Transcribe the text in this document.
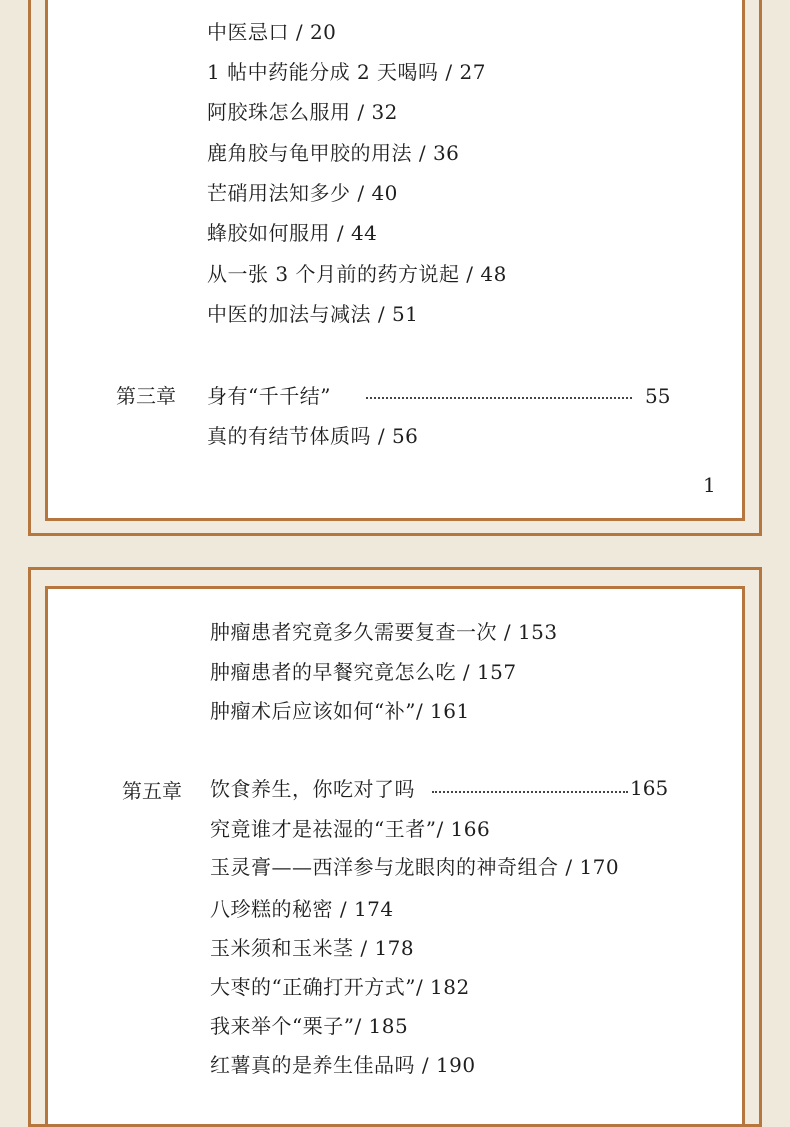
中医忌口 / 20
1 帖中药能分成 2 天喝吗 / 27
阿胶珠怎么服用 / 32
鹿角胶与龟甲胶的用法 / 36
芒硝用法知多少 / 40
蜂胶如何服用 / 44
从一张 3 个月前的药方说起 / 48
中医的加法与减法 / 51
第三章 身有“千千结”	55
真的有结节体质吗 / 56
1
肿瘤患者究竟多久需要复查一次 / 153
肿瘤患者的早餐究竟怎么吃 / 157
肿瘤术后应该如何“补”/ 161
第五章 饮食养生，你吃对了吗	165
究竟谁才是祛湿的“王者”/ 166
玉灵膏——西洋参与龙眼肉的神奇组合 / 170
八珍糕的秘密 / 174
玉米须和玉米茎 / 178
大枣的“正确打开方式”/ 182
我来举个“栗子”/ 185
红薯真的是养生佳品吗 / 190
